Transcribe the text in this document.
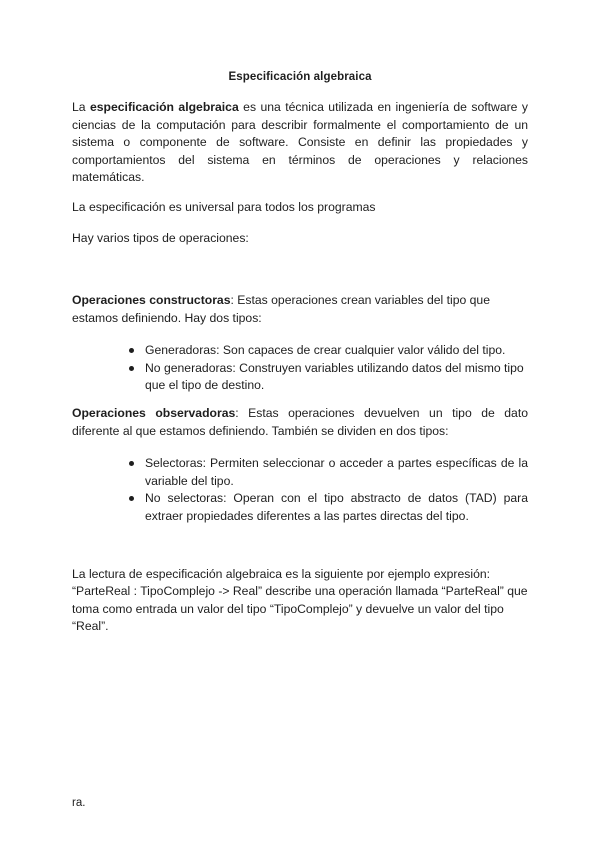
Especificación algebraica
La especificación algebraica es una técnica utilizada en ingeniería de software y
ciencias de la computación para describir formalmente el comportamiento de un
sistema o componente de software. Consiste en definir las propiedades y
comportamientos del sistema en términos de operaciones y relaciones
matemáticas.
La especificación es universal para todos los programas
Hay varios tipos de operaciones:
Operaciones constructoras: Estas operaciones crean variables del tipo que estamos definiendo. Hay dos tipos:
Generadoras: Son capaces de crear cualquier valor válido del tipo.
No generadoras: Construyen variables utilizando datos del mismo tipo que el tipo de destino.
Operaciones observadoras: Estas operaciones devuelven un tipo de dato diferente al que estamos definiendo. También se dividen en dos tipos:
Selectoras: Permiten seleccionar o acceder a partes específicas de la variable del tipo.
No selectoras: Operan con el tipo abstracto de datos (TAD) para extraer propiedades diferentes a las partes directas del tipo.
La lectura de especificación algebraica es la siguiente por ejemplo expresión: “ParteReal : TipoComplejo -> Real” describe una operación llamada “ParteReal” que toma como entrada un valor del tipo “TipoComplejo” y devuelve un valor del tipo “Real”.
ra.
